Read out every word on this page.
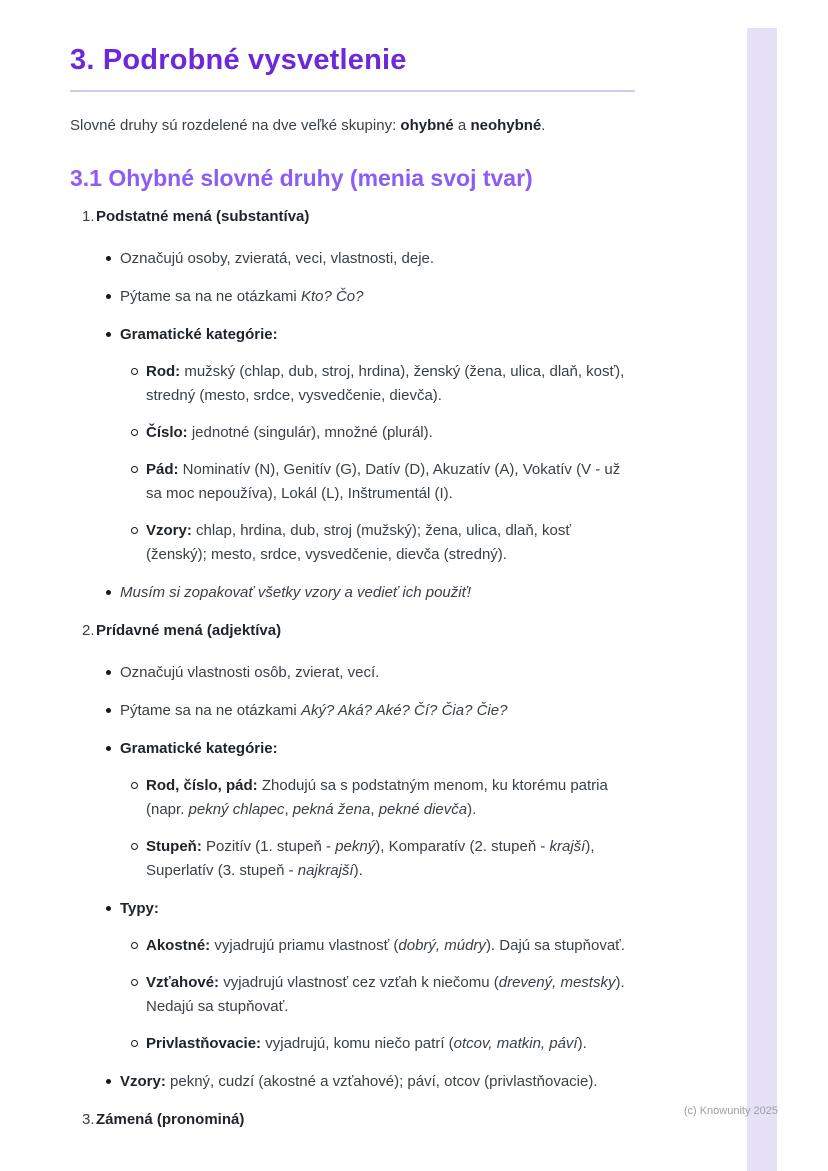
3. Podrobné vysvetlenie

Slovné druhy sú rozdelené na dve veľké skupiny: ohybné a neohybné.

3.1 Ohybné slovné druhy (menia svoj tvar)
1. Podstatné mená (substantíva)
Označujú osoby, zvieratá, veci, vlastnosti, deje.
Pýtame sa na ne otázkami Kto? Čo?
Gramatické kategórie:
Rod: mužský (chlap, dub, stroj, hrdina), ženský (žena, ulica, dlaň, kosť), stredný (mesto, srdce, vysvedčenie, dievča).
Číslo: jednotné (singulár), množné (plurál).
Pád: Nominatív (N), Genitív (G), Datív (D), Akuzatív (A), Vokatív (V - už sa moc nepoužíva), Lokál (L), Inštrumentál (I).
Vzory: chlap, hrdina, dub, stroj (mužský); žena, ulica, dlaň, kosť (ženský); mesto, srdce, vysvedčenie, dievča (stredný).
Musím si zopakovať všetky vzory a vedieť ich použiť!
2. Prídavné mená (adjektíva)
Označujú vlastnosti osôb, zvierat, vecí.
Pýtame sa na ne otázkami Aký? Aká? Aké? Čí? Čia? Čie?
Gramatické kategórie:
Rod, číslo, pád: Zhodujú sa s podstatným menom, ku ktorému patria (napr. pekný chlapec, pekná žena, pekné dievča).
Stupeň: Pozitív (1. stupeň - pekný), Komparatív (2. stupeň - krajší), Superlatív (3. stupeň - najkrajší).
Typy:
Akostné: vyjadrujú priamu vlastnosť (dobrý, múdry). Dajú sa stupňovať.
Vzťahové: vyjadrujú vlastnosť cez vzťah k niečomu (drevený, mestsky). Nedajú sa stupňovať.
Privlastňovacie: vyjadrujú, komu niečo patrí (otcov, matkin, páví).
Vzory: pekný, cudzí (akostné a vzťahové); páví, otcov (privlastňovacie).
3. Zámená (pronominá)	(c) Knowunity 2025
